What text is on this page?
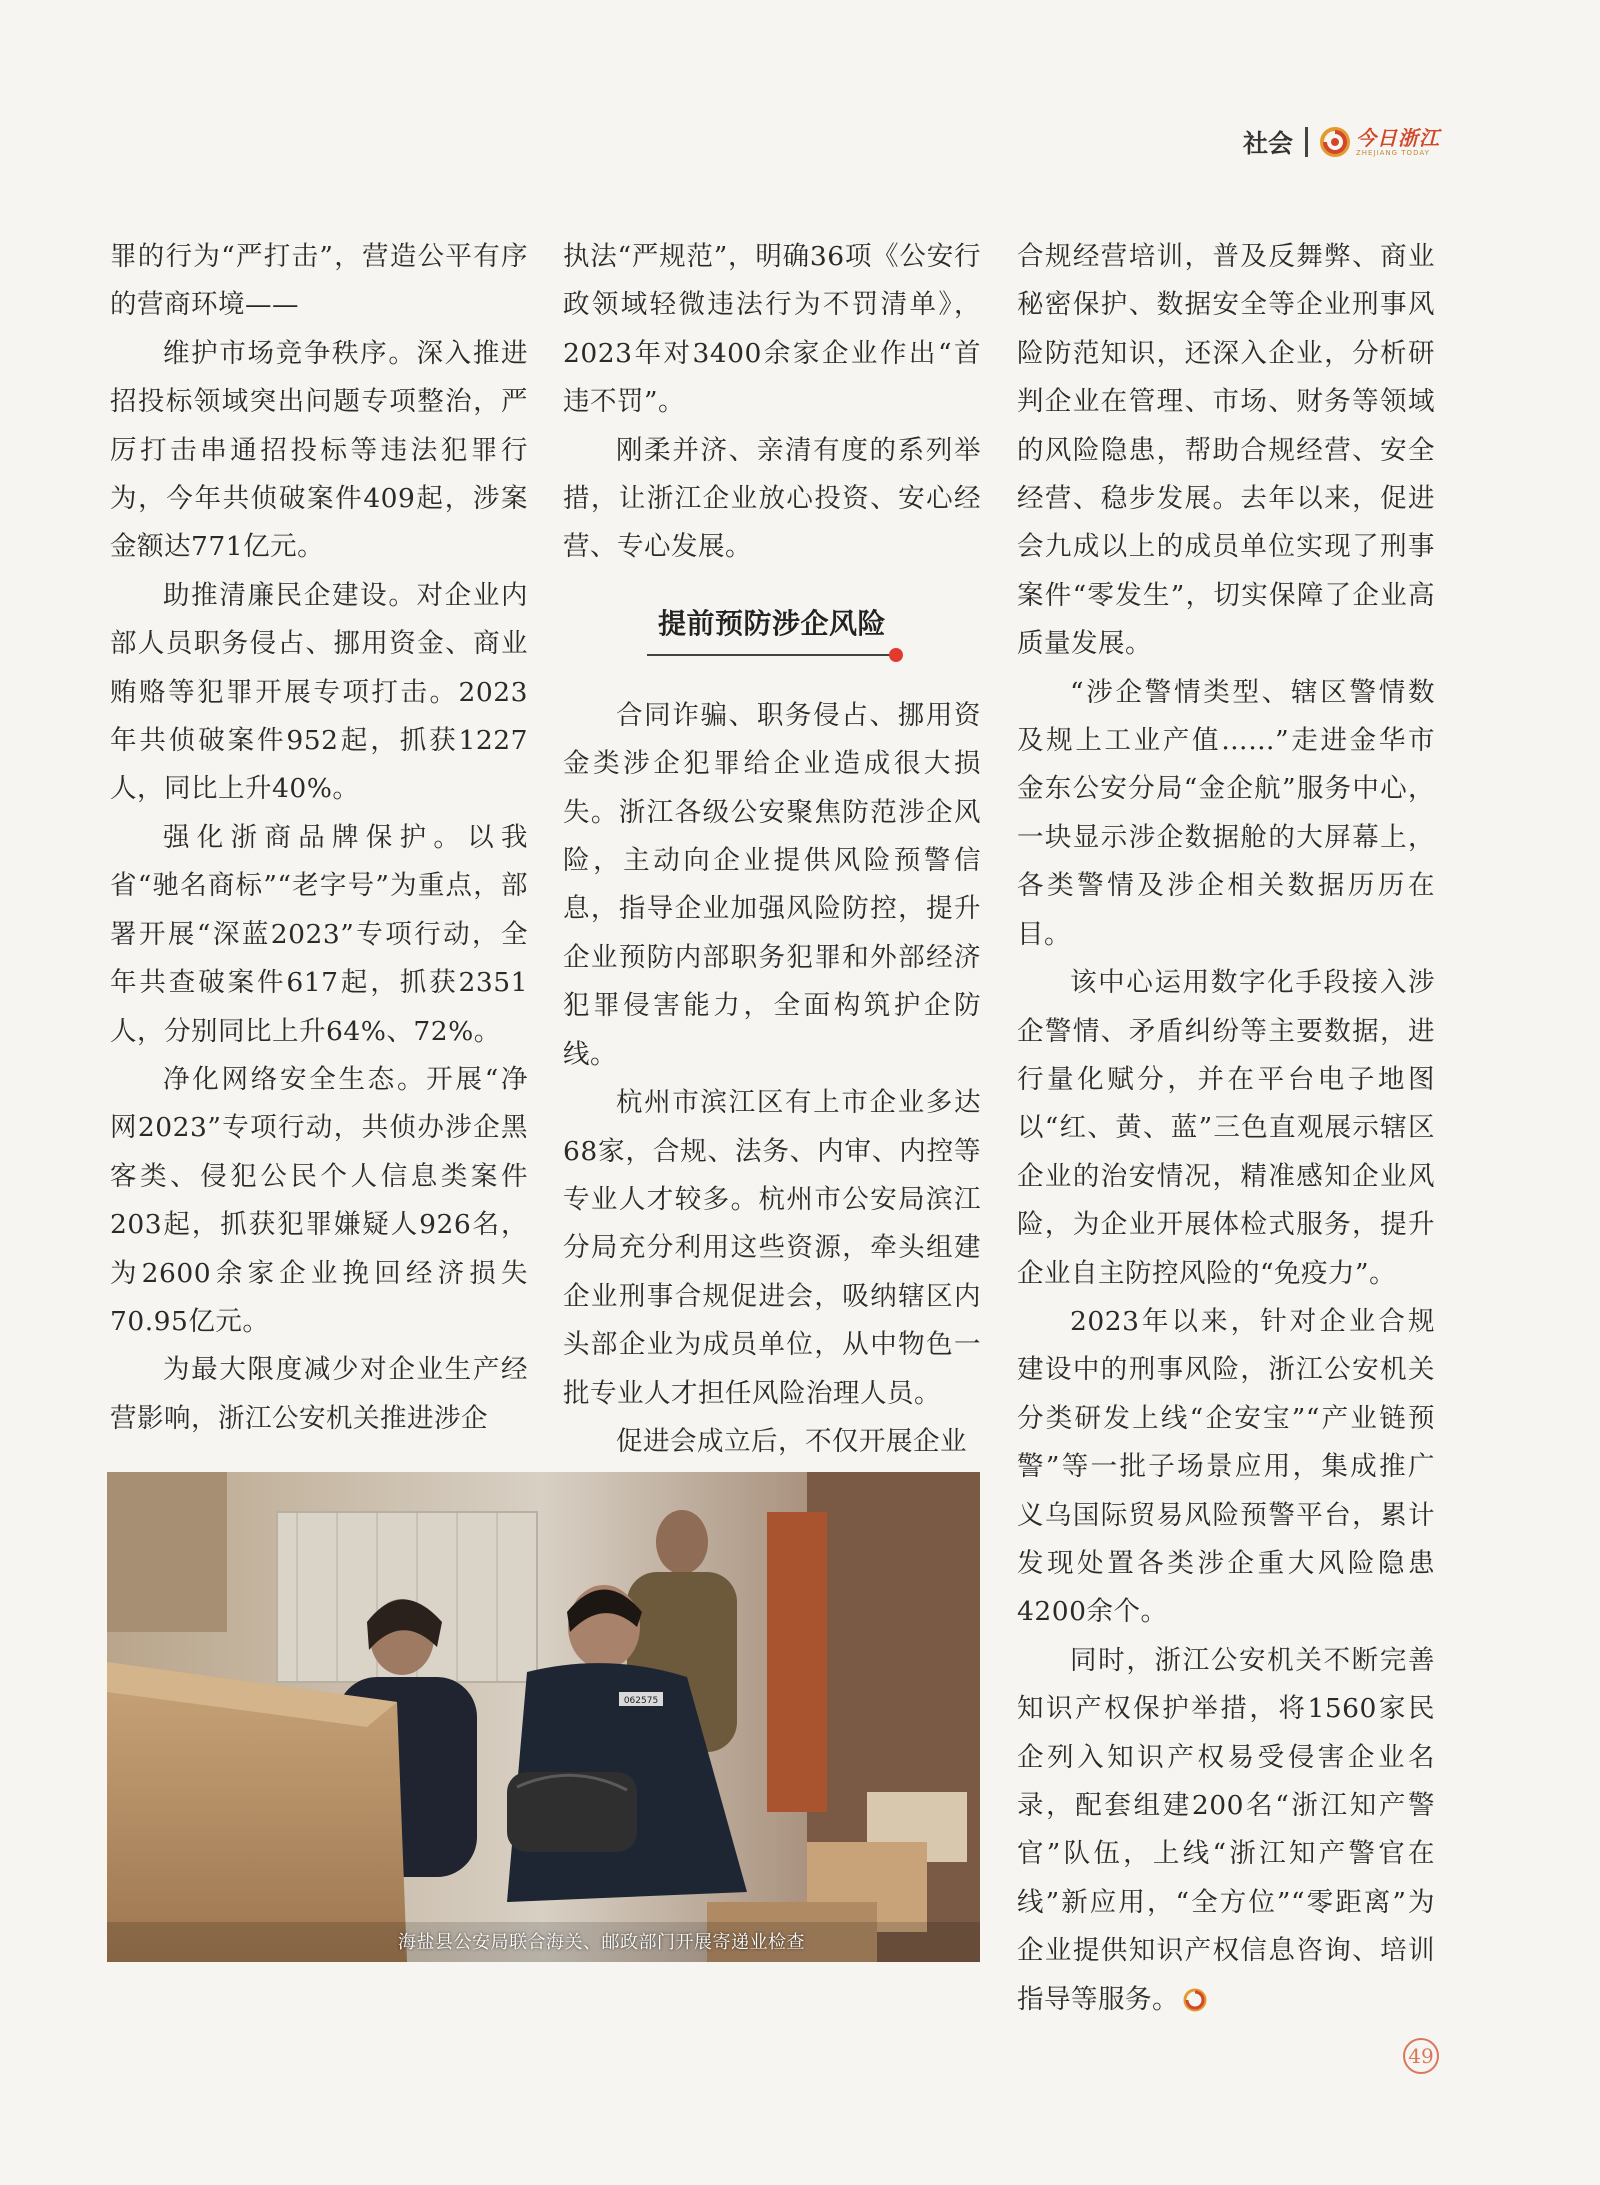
社会	今日浙江
ZHEJIANG TODAY

罪的行为“严打击”，营造公平有序的营商环境——

维护市场竞争秩序。深入推进招投标领域突出问题专项整治，严厉打击串通招投标等违法犯罪行为，今年共侦破案件409起，涉案金额达771亿元。

助推清廉民企建设。对企业内部人员职务侵占、挪用资金、商业贿赂等犯罪开展专项打击。2023年共侦破案件952起，抓获1227人，同比上升40%。

强化浙商品牌保护。以我省“驰名商标”“老字号”为重点，部署开展“深蓝2023”专项行动，全年共查破案件617起，抓获2351人，分别同比上升64%、72%。

净化网络安全生态。开展“净网2023”专项行动，共侦办涉企黑客类、侵犯公民个人信息类案件203起，抓获犯罪嫌疑人926名，为2600余家企业挽回经济损失70.95亿元。

为最大限度减少对企业生产经营影响，浙江公安机关推进涉企

执法“严规范”，明确36项《公安行政领域轻微违法行为不罚清单》，2023年对3400余家企业作出“首违不罚”。

刚柔并济、亲清有度的系列举措，让浙江企业放心投资、安心经营、专心发展。

提前预防涉企风险

合同诈骗、职务侵占、挪用资金类涉企犯罪给企业造成很大损失。浙江各级公安聚焦防范涉企风险，主动向企业提供风险预警信息，指导企业加强风险防控，提升企业预防内部职务犯罪和外部经济犯罪侵害能力，全面构筑护企防线。

杭州市滨江区有上市企业多达68家，合规、法务、内审、内控等专业人才较多。杭州市公安局滨江分局充分利用这些资源，牵头组建企业刑事合规促进会，吸纳辖区内头部企业为成员单位，从中物色一批专业人才担任风险治理人员。

促进会成立后，不仅开展企业

合规经营培训，普及反舞弊、商业秘密保护、数据安全等企业刑事风险防范知识，还深入企业，分析研判企业在管理、市场、财务等领域的风险隐患，帮助合规经营、安全经营、稳步发展。去年以来，促进会九成以上的成员单位实现了刑事案件“零发生”，切实保障了企业高质量发展。

“涉企警情类型、辖区警情数及规上工业产值……”走进金华市金东公安分局“金企航”服务中心，一块显示涉企数据舱的大屏幕上，各类警情及涉企相关数据历历在目。

该中心运用数字化手段接入涉企警情、矛盾纠纷等主要数据，进行量化赋分，并在平台电子地图以“红、黄、蓝”三色直观展示辖区企业的治安情况，精准感知企业风险，为企业开展体检式服务，提升企业自主防控风险的“免疫力”。

2023年以来，针对企业合规建设中的刑事风险，浙江公安机关分类研发上线“企安宝”“产业链预警”等一批子场景应用，集成推广义乌国际贸易风险预警平台，累计发现处置各类涉企重大风险隐患4200余个。

同时，浙江公安机关不断完善知识产权保护举措，将1560家民企列入知识产权易受侵害企业名录，配套组建200名“浙江知产警官”队伍，上线“浙江知产警官在线”新应用，“全方位”“零距离”为企业提供知识产权信息咨询、培训指导等服务。

062575
海盐县公安局联合海关、邮政部门开展寄递业检查
49
